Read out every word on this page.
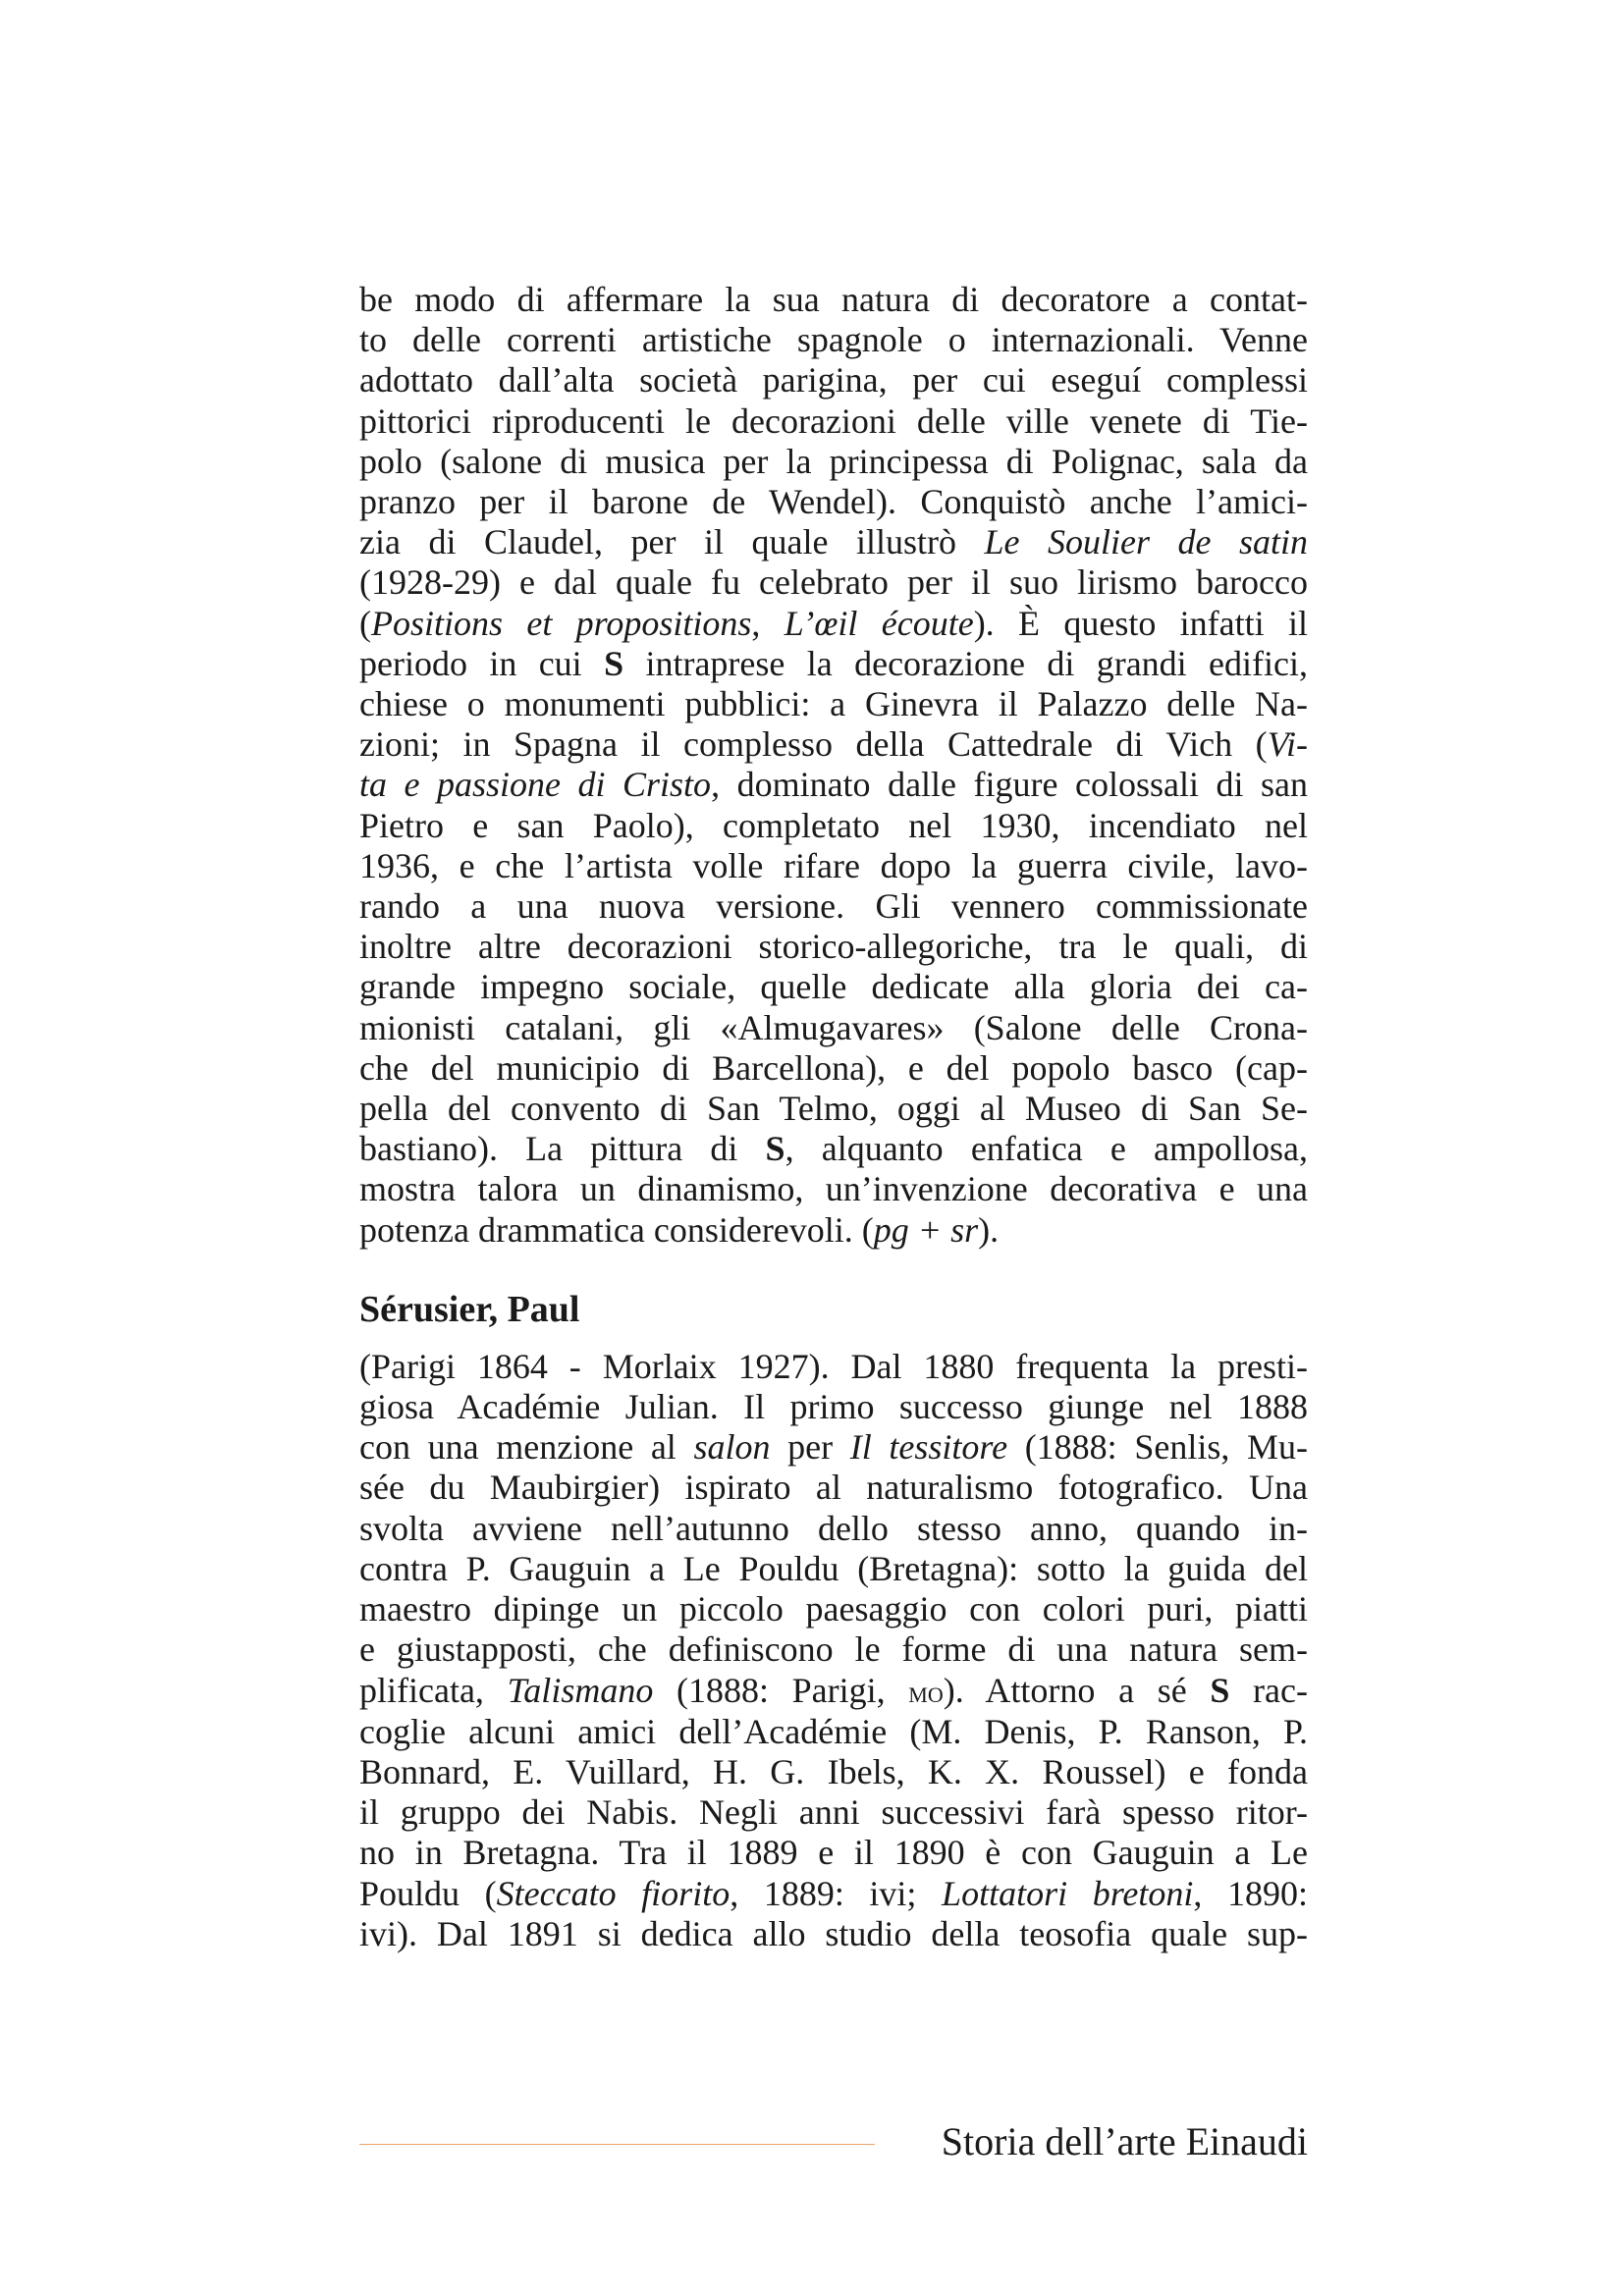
be modo di affermare la sua natura di decoratore a contat-
to delle correnti artistiche spagnole o internazionali. Venne
adottato dall’alta società parigina, per cui eseguí complessi
pittorici riproducenti le decorazioni delle ville venete di Tie-
polo (salone di musica per la principessa di Polignac, sala da
pranzo per il barone de Wendel). Conquistò anche l’amici-
zia di Claudel, per il quale illustrò Le Soulier de satin
(1928-29) e dal quale fu celebrato per il suo lirismo barocco
(Positions et propositions, L’œil écoute). È questo infatti il
periodo in cui S intraprese la decorazione di grandi edifici,
chiese o monumenti pubblici: a Ginevra il Palazzo delle Na-
zioni; in Spagna il complesso della Cattedrale di Vich (Vi-
ta e passione di Cristo, dominato dalle figure colossali di san
Pietro e san Paolo), completato nel 1930, incendiato nel
1936, e che l’artista volle rifare dopo la guerra civile, lavo-
rando a una nuova versione. Gli vennero commissionate
inoltre altre decorazioni storico-allegoriche, tra le quali, di
grande impegno sociale, quelle dedicate alla gloria dei ca-
mionisti catalani, gli «Almugavares» (Salone delle Crona-
che del municipio di Barcellona), e del popolo basco (cap-
pella del convento di San Telmo, oggi al Museo di San Se-
bastiano). La pittura di S, alquanto enfatica e ampollosa,
mostra talora un dinamismo, un’invenzione decorativa e una
potenza drammatica considerevoli. (pg + sr).

Sérusier, Paul

(Parigi 1864 - Morlaix 1927). Dal 1880 frequenta la presti-
giosa Académie Julian. Il primo successo giunge nel 1888
con una menzione al salon per Il tessitore (1888: Senlis, Mu-
sée du Maubirgier) ispirato al naturalismo fotografico. Una
svolta avviene nell’autunno dello stesso anno, quando in-
contra P. Gauguin a Le Pouldu (Bretagna): sotto la guida del
maestro dipinge un piccolo paesaggio con colori puri, piatti
e giustapposti, che definiscono le forme di una natura sem-
plificata, Talismano (1888: Parigi, mo). Attorno a sé S rac-
coglie alcuni amici dell’Académie (M. Denis, P. Ranson, P.
Bonnard, E. Vuillard, H. G. Ibels, K. X. Roussel) e fonda
il gruppo dei Nabis. Negli anni successivi farà spesso ritor-
no in Bretagna. Tra il 1889 e il 1890 è con Gauguin a Le
Pouldu (Steccato fiorito, 1889: ivi; Lottatori bretoni, 1890:
ivi). Dal 1891 si dedica allo studio della teosofia quale sup-

Storia dell’arte Einaudi
